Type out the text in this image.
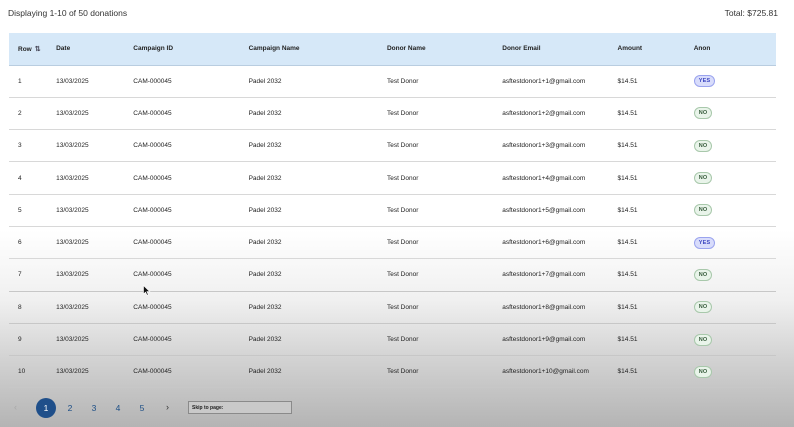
Displaying 1-10 of 50 donations	Total: $725.81
Row ⇅	Date	Campaign ID	Campaign Name	Donor Name	Donor Email	Amount	Anon
1	13/03/2025	CAM-000045	Padel 2032	Test Donor	asftestdonor1+1@gmail.com	$14.51	YES
2	13/03/2025	CAM-000045	Padel 2032	Test Donor	asftestdonor1+2@gmail.com	$14.51	NO
3	13/03/2025	CAM-000045	Padel 2032	Test Donor	asftestdonor1+3@gmail.com	$14.51	NO
4	13/03/2025	CAM-000045	Padel 2032	Test Donor	asftestdonor1+4@gmail.com	$14.51	NO
5	13/03/2025	CAM-000045	Padel 2032	Test Donor	asftestdonor1+5@gmail.com	$14.51	NO
6	13/03/2025	CAM-000045	Padel 2032	Test Donor	asftestdonor1+6@gmail.com	$14.51	YES
7	13/03/2025	CAM-000045	Padel 2032	Test Donor	asftestdonor1+7@gmail.com	$14.51	NO
8	13/03/2025	CAM-000045	Padel 2032	Test Donor	asftestdonor1+8@gmail.com	$14.51	NO
9	13/03/2025	CAM-000045	Padel 2032	Test Donor	asftestdonor1+9@gmail.com	$14.51	NO
10	13/03/2025	CAM-000045	Padel 2032	Test Donor	asftestdonor1+10@gmail.com	$14.51	NO
‹	1	2	3	4	5	›	Skip to page:
